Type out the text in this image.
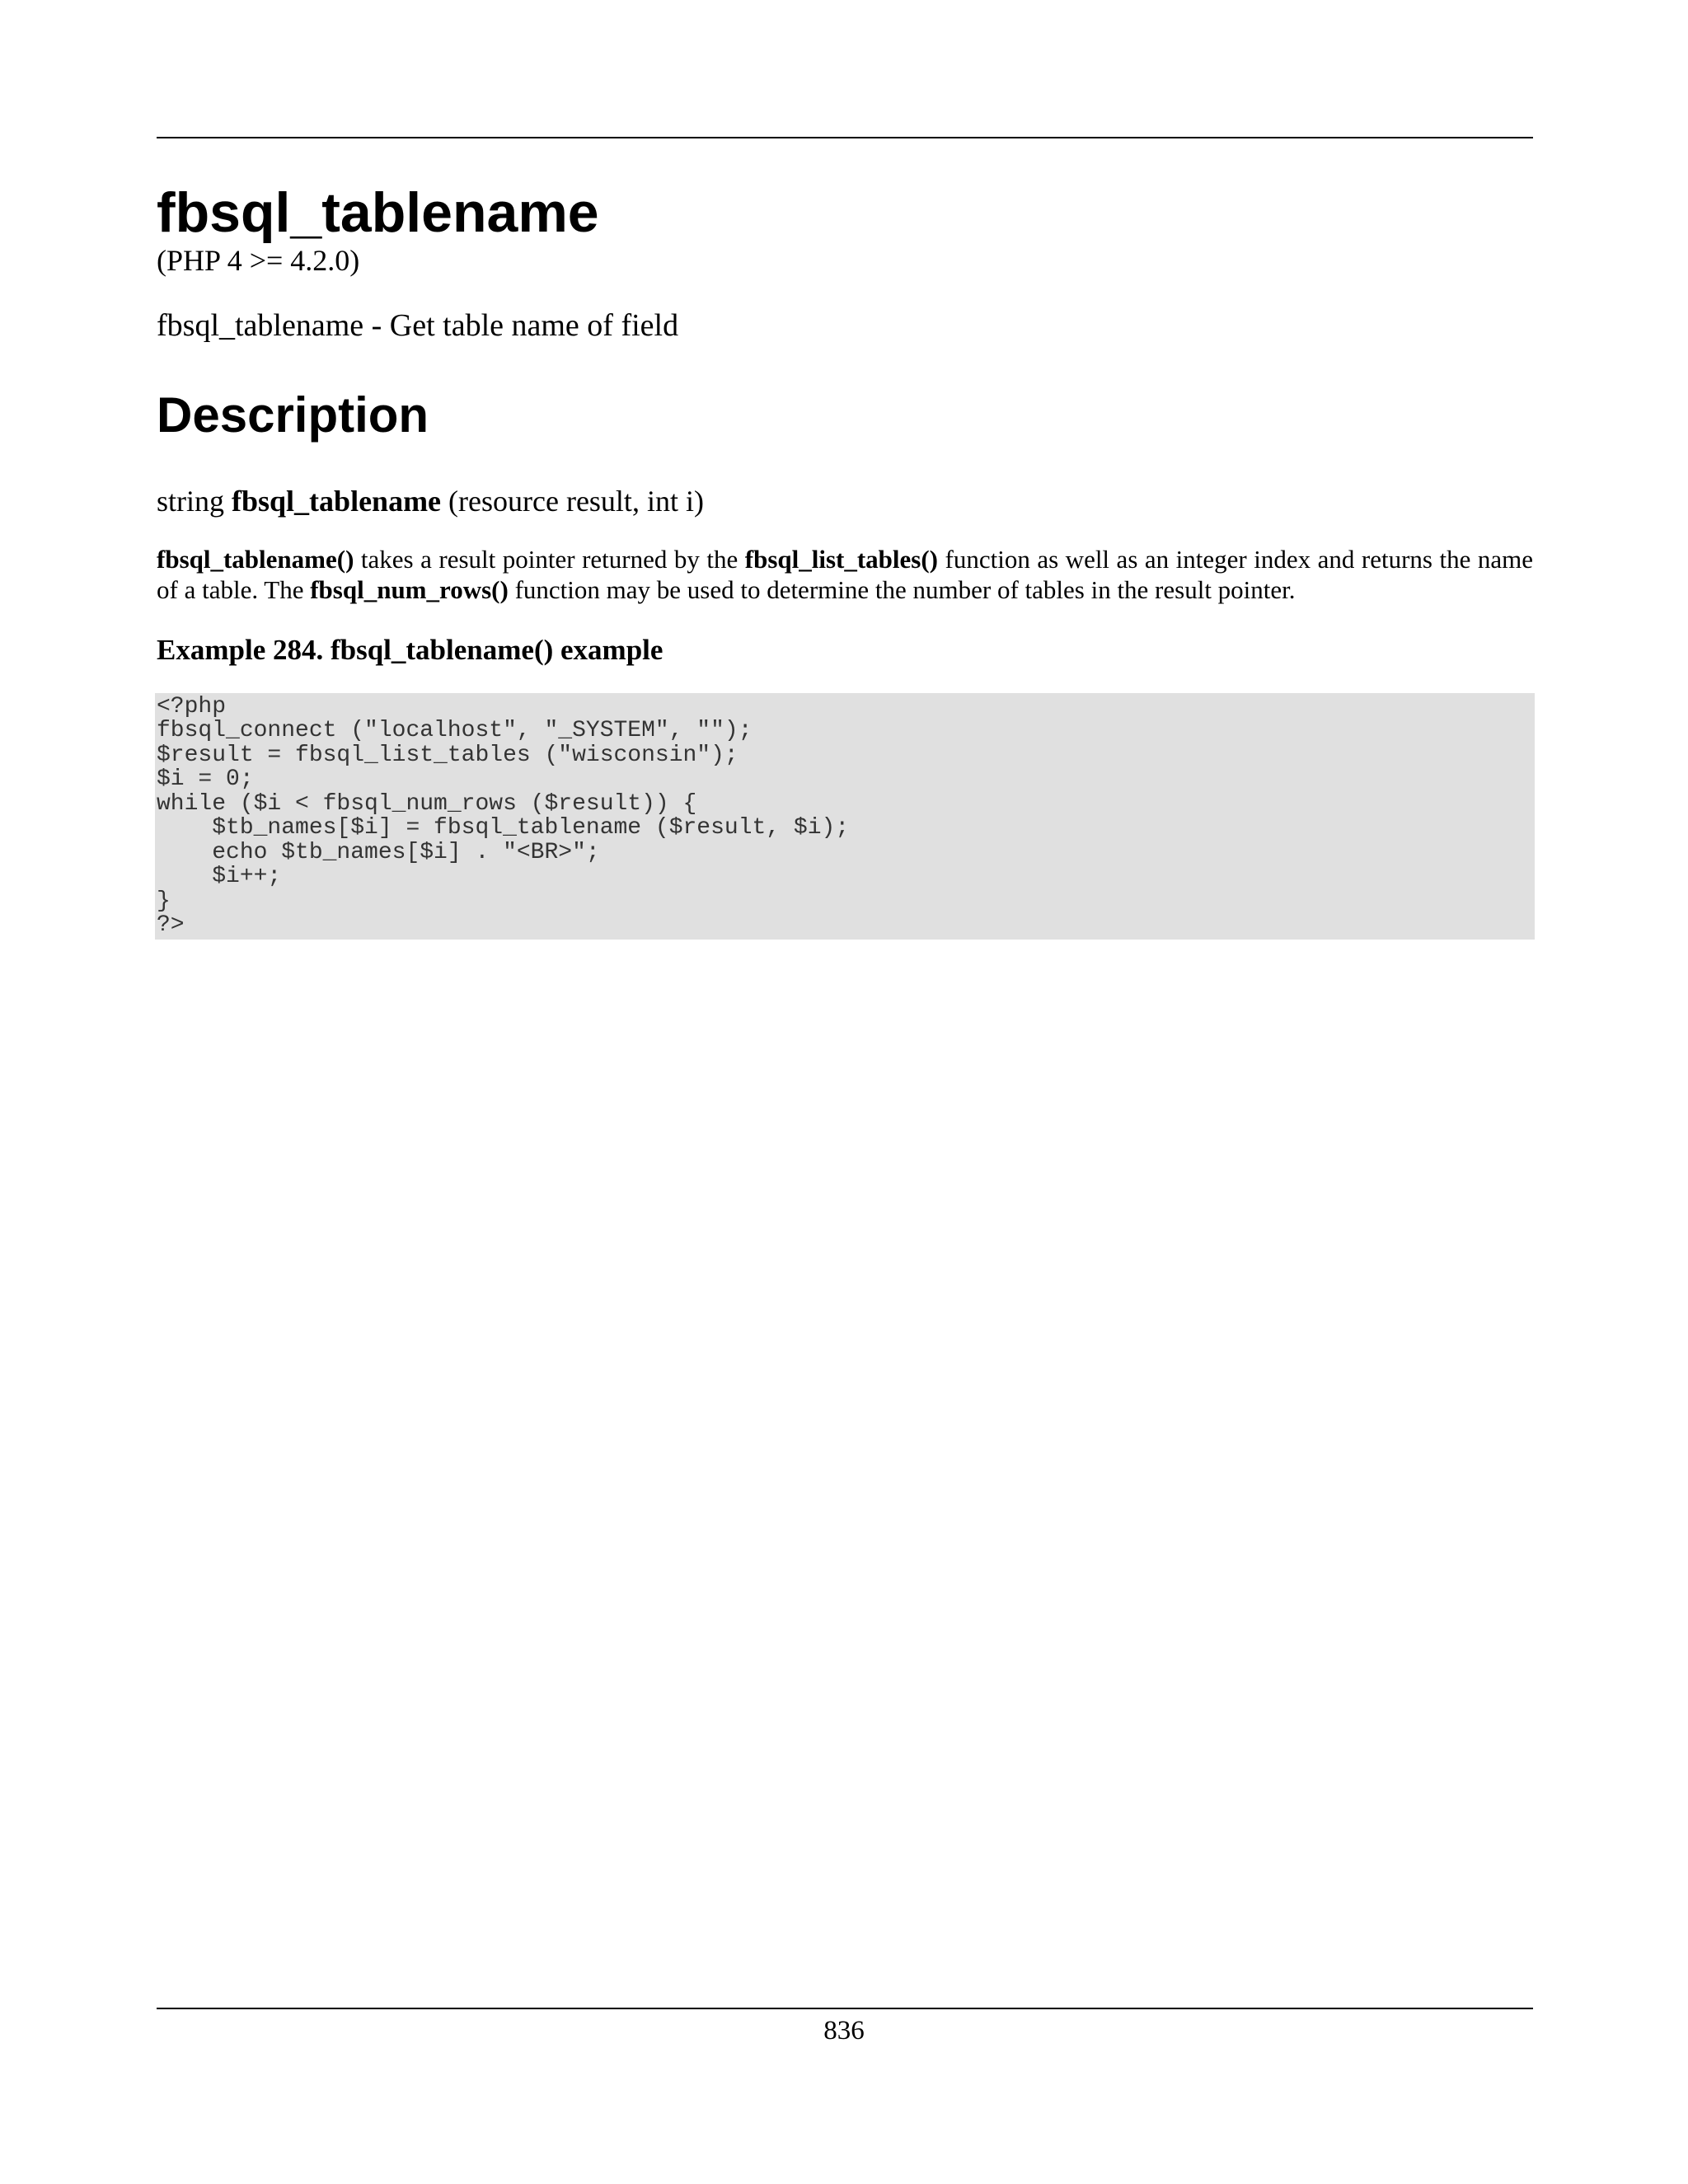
fbsql_tablename

(PHP 4 >= 4.2.0)

fbsql_tablename - Get table name of field

Description

string fbsql_tablename (resource result, int i)

fbsql_tablename() takes a result pointer returned by the fbsql_list_tables() function as well as an integer index and returns the name of a table. The fbsql_num_rows() function may be used to determine the number of tables in the result pointer.

Example 284. fbsql_tablename() example

<?php
fbsql_connect ("localhost", "_SYSTEM", "");
$result = fbsql_list_tables ("wisconsin");
$i = 0;
while ($i < fbsql_num_rows ($result)) {
$tb_names[$i] = fbsql_tablename ($result, $i);
echo $tb_names[$i] . "<BR>";
$i++;
}
?>
836
